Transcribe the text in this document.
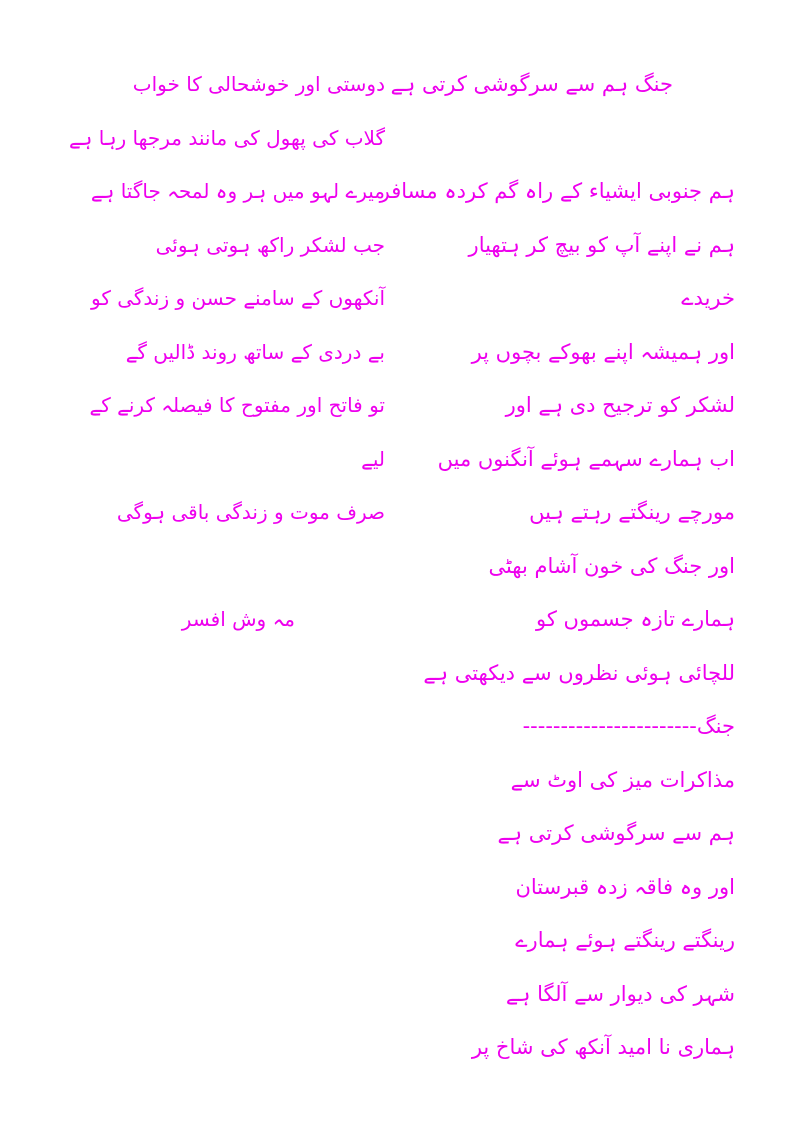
جنگ ہم سے سرگوشی کرتی ہے
ہم جنوبی ایشیاء کے راہ گم کردہ مسافر
ہم نے اپنے آپ کو بیچ کر ہتھیار
خریدے
اور ہمیشہ اپنے بھوکے بچوں پر
لشکر کو ترجیح دی ہے اور
اب ہمارے سہمے ہوئے آنگنوں میں
مورچے رینگتے رہتے ہیں
اور جنگ کی خون آشام بھٹی
ہمارے تازہ جسموں کو
للچائی ہوئی نظروں سے دیکھتی ہے
جنگ-----------------------
مذاکرات میز کی اوٹ سے
ہم سے سرگوشی کرتی ہے
اور وہ فاقہ زدہ قبرستان
رینگتے رینگتے ہوئے ہمارے
شہر کی دیوار سے آلگا ہے
ہماری نا امید آنکھ کی شاخ پر
دوستی اور خوشحالی کا خواب
گلاب کی پھول کی مانند مرجھا رہا ہے
میرے لہو میں ہر وہ لمحہ جاگتا ہے
جب لشکر راکھ ہوتی ہوئی
آنکھوں کے سامنے حسن و زندگی کو
بے دردی کے ساتھ روند ڈالیں گے
تو فاتح اور مفتوح کا فیصلہ کرنے کے
لیے
صرف موت و زندگی باقی ہوگی
مہ وش افسر
